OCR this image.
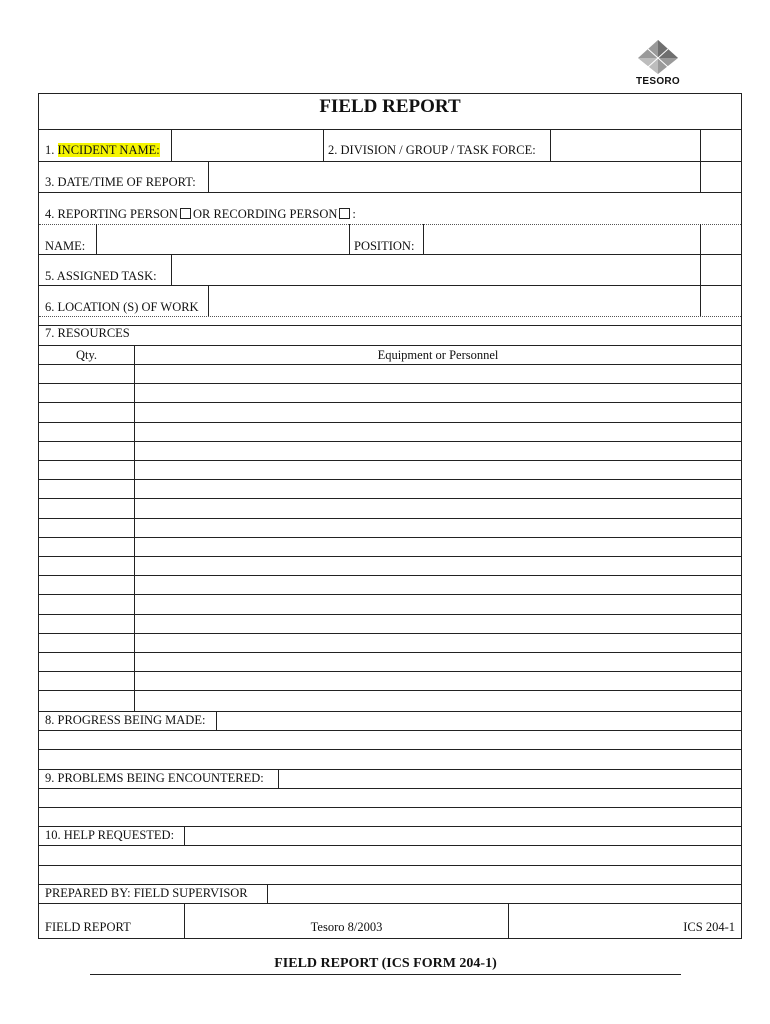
TESORO
FIELD REPORT
1. INCIDENT NAME:	2. DIVISION / GROUP / TASK FORCE:
3. DATE/TIME OF REPORT:
4. REPORTING PERSON OR RECORDING PERSON :
NAME:	POSITION:
5. ASSIGNED TASK:
6. LOCATION (S) OF WORK
7. RESOURCES
Qty.	Equipment or Personnel
8. PROGRESS BEING MADE:
9. PROBLEMS BEING ENCOUNTERED:
10. HELP REQUESTED:
PREPARED BY: FIELD SUPERVISOR
FIELD REPORT	Tesoro 8/2003	ICS 204-1
FIELD REPORT (ICS FORM 204-1)
